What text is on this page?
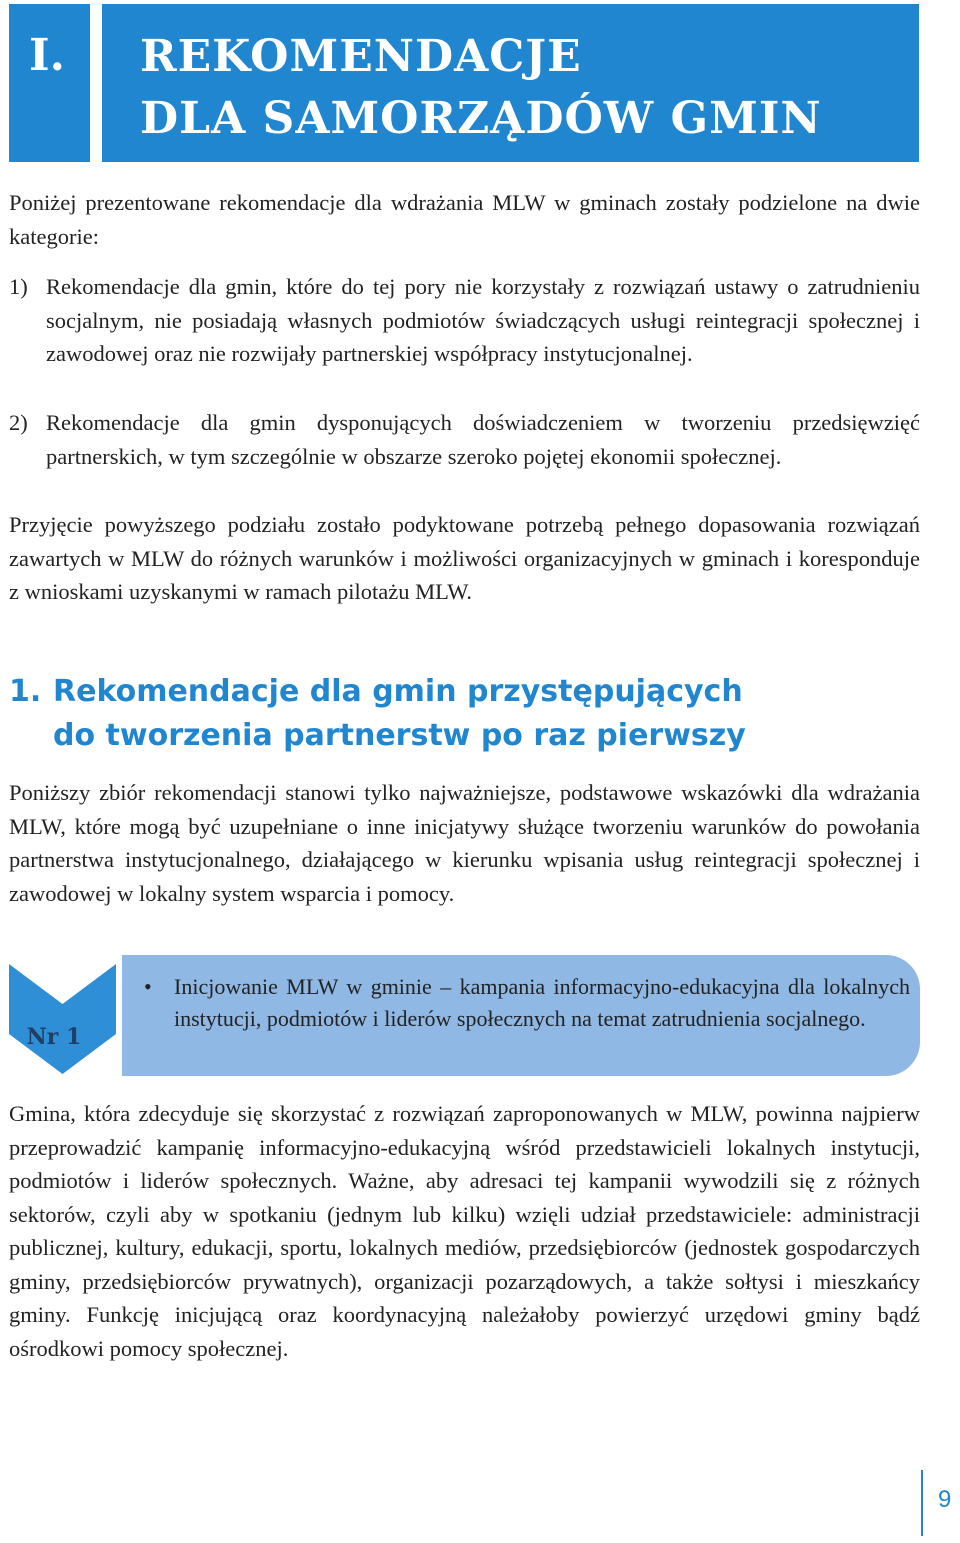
I. REKOMENDACJE
DLA SAMORZĄDÓW GMIN

Poniżej prezentowane rekomendacje dla wdrażania MLW w gminach zostały podzielone na dwie kategorie:

1) Rekomendacje dla gmin, które do tej pory nie korzystały z rozwiązań ustawy o zatrudnieniu socjalnym, nie posiadają własnych podmiotów świadczących usługi reintegracji społecznej i zawodowej oraz nie rozwijały partnerskiej współpracy instytucjonalnej.
2) Rekomendacje dla gmin dysponujących doświadczeniem w tworzeniu przedsięwzięć partnerskich, w tym szczególnie w obszarze szeroko pojętej ekonomii społecznej.

Przyjęcie powyższego podziału zostało podyktowane potrzebą pełnego dopasowania rozwiązań zawartych w MLW do różnych warunków i możliwości organizacyjnych w gminach i koresponduje z wnioskami uzyskanymi w ramach pilotażu MLW.

1. Rekomendacje dla gmin przystępujących
do tworzenia partnerstw po raz pierwszy

Poniższy zbiór rekomendacji stanowi tylko najważniejsze, podstawowe wskazówki dla wdrażania MLW, które mogą być uzupełniane o inne inicjatywy służące tworzeniu warunków do powołania partnerstwa instytucjonalnego, działającego w kierunku wpisania usług reintegracji społecznej i zawodowej w lokalny system wsparcia i pomocy.

Nr 1
• Inicjowanie MLW w gminie – kampania informacyjno-edukacyjna dla lokalnych instytucji, podmiotów i liderów społecznych na temat zatrudnienia socjalnego.

Gmina, która zdecyduje się skorzystać z rozwiązań zaproponowanych w MLW, powinna najpierw przeprowadzić kampanię informacyjno-edukacyjną wśród przedstawicieli lokalnych instytucji, podmiotów i liderów społecznych. Ważne, aby adresaci tej kampanii wywodzili się z różnych sektorów, czyli aby w spotkaniu (jednym lub kilku) wzięli udział przedstawiciele: administracji publicznej, kultury, edukacji, sportu, lokalnych mediów, przedsiębiorców (jednostek gospodarczych gminy, przedsiębiorców prywatnych), organizacji pozarządowych, a także sołtysi i mieszkańcy gminy. Funkcję inicjującą oraz koordynacyjną należałoby powierzyć urzędowi gminy bądź ośrodkowi pomocy społecznej.

9
